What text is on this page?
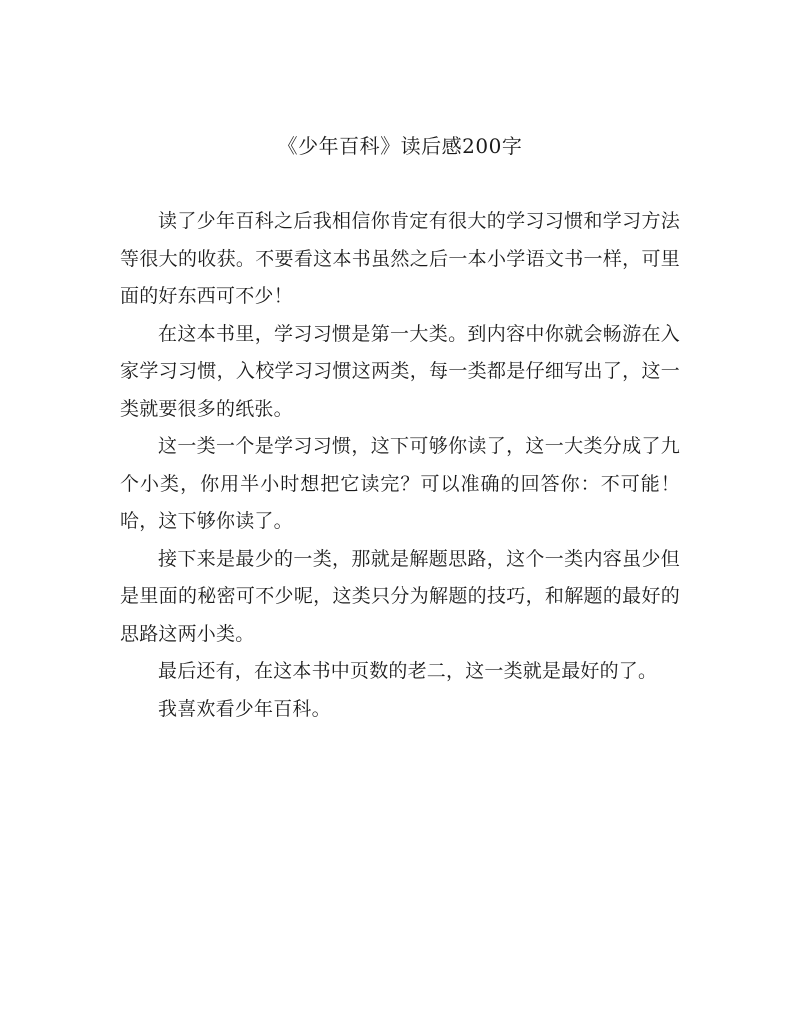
《少年百科》读后感200字

读了少年百科之后我相信你肯定有很大的学习习惯和学习方法等很大的收获。不要看这本书虽然之后一本小学语文书一样，可里面的好东西可不少！

在这本书里，学习习惯是第一大类。到内容中你就会畅游在入家学习习惯，入校学习习惯这两类，每一类都是仔细写出了，这一类就要很多的纸张。

这一类一个是学习习惯，这下可够你读了，这一大类分成了九个小类，你用半小时想把它读完？可以准确的回答你：不可能！哈，这下够你读了。

接下来是最少的一类，那就是解题思路，这个一类内容虽少但是里面的秘密可不少呢，这类只分为解题的技巧，和解题的最好的思路这两小类。

最后还有，在这本书中页数的老二，这一类就是最好的了。

我喜欢看少年百科。
